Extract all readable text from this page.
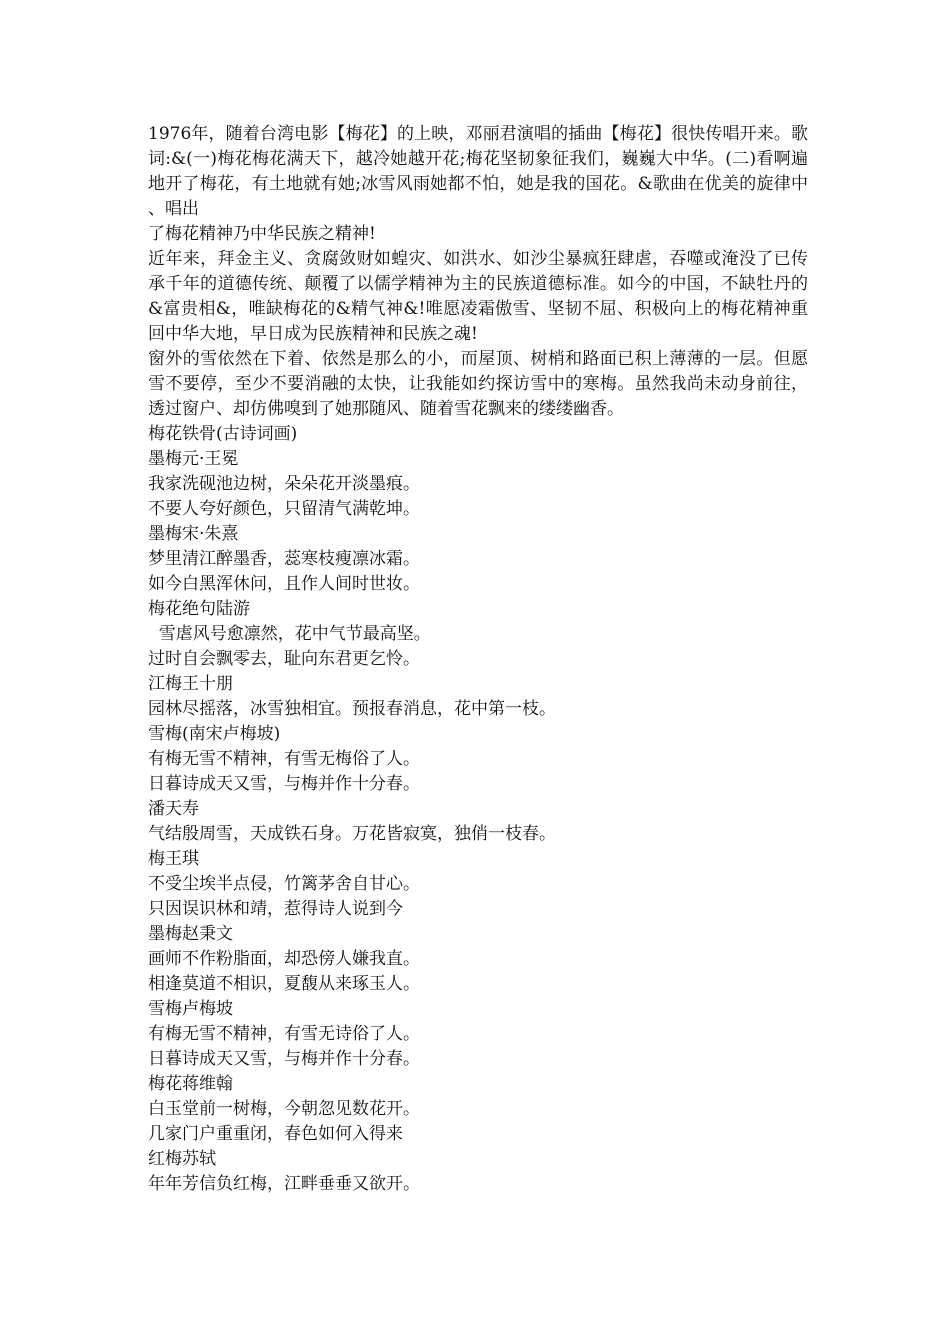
1976年，随着台湾电影【梅花】的上映，邓丽君演唱的插曲【梅花】很快传唱开来。歌词:&(一)梅花梅花满天下，越冷她越开花;梅花坚韧象征我们，巍巍大中华。(二)看啊遍地开了梅花，有土地就有她;冰雪风雨她都不怕，她是我的国花。&歌曲在优美的旋律中、唱出

了梅花精神乃中华民族之精神!

近年来，拜金主义、贪腐敛财如蝗灾、如洪水、如沙尘暴疯狂肆虐，吞噬或淹没了已传承千年的道德传统、颠覆了以儒学精神为主的民族道德标准。如今的中国，不缺牡丹的&富贵相&，唯缺梅花的&精气神&!唯愿凌霜傲雪、坚韧不屈、积极向上的梅花精神重回中华大地，早日成为民族精神和民族之魂!

窗外的雪依然在下着、依然是那么的小，而屋顶、树梢和路面已积上薄薄的一层。但愿雪不要停，至少不要消融的太快，让我能如约探访雪中的寒梅。虽然我尚未动身前往，透过窗户、却仿佛嗅到了她那随风、随着雪花飘来的缕缕幽香。

梅花铁骨(古诗词画)

墨梅元·王冕

我家洗砚池边树，朵朵花开淡墨痕。

不要人夸好颜色，只留清气满乾坤。

墨梅宋·朱熹

梦里清江醉墨香，蕊寒枝瘦凛冰霜。

如今白黑浑休问，且作人间时世妆。

梅花绝句陆游

雪虐风号愈凛然，花中气节最高坚。

过时自会飘零去，耻向东君更乞怜。

江梅王十朋

园林尽摇落，冰雪独相宜。预报春消息，花中第一枝。

雪梅(南宋卢梅坡)

有梅无雪不精神，有雪无梅俗了人。

日暮诗成天又雪，与梅并作十分春。

潘天寿

气结殷周雪，天成铁石身。万花皆寂寞，独俏一枝春。

梅王琪

不受尘埃半点侵，竹篱茅舍自甘心。

只因误识林和靖，惹得诗人说到今

墨梅赵秉文

画师不作粉脂面，却恐傍人嫌我直。

相逢莫道不相识，夏馥从来琢玉人。

雪梅卢梅坡

有梅无雪不精神，有雪无诗俗了人。

日暮诗成天又雪，与梅并作十分春。

梅花蒋维翰

白玉堂前一树梅，今朝忽见数花开。

几家门户重重闭，春色如何入得来

红梅苏轼

年年芳信负红梅，江畔垂垂又欲开。
